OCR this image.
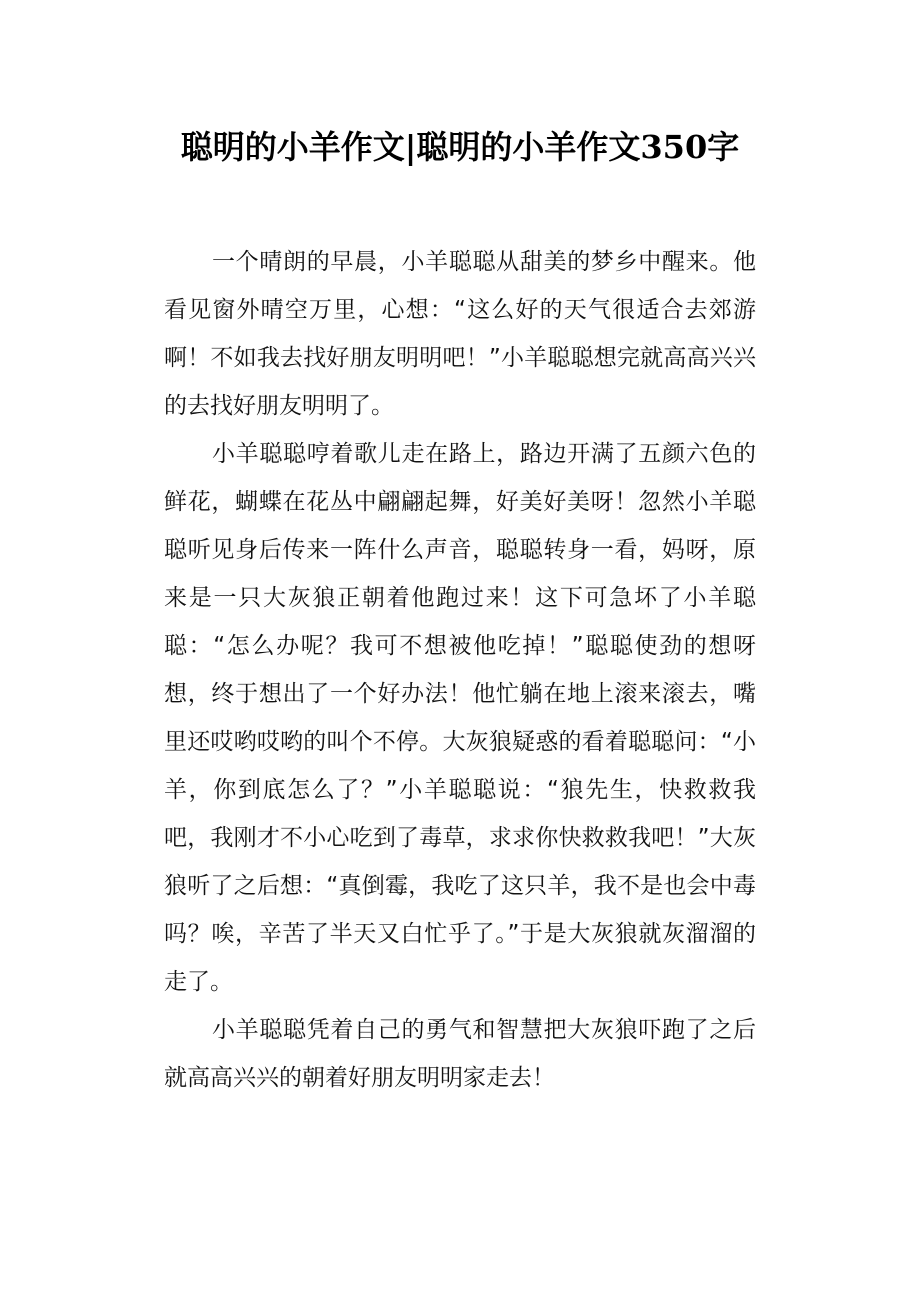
聪明的小羊作文|聪明的小羊作文350字

一个晴朗的早晨，小羊聪聪从甜美的梦乡中醒来。他看见窗外晴空万里，心想：“这么好的天气很适合去郊游啊！不如我去找好朋友明明吧！”小羊聪聪想完就高高兴兴的去找好朋友明明了。

小羊聪聪哼着歌儿走在路上，路边开满了五颜六色的鲜花，蝴蝶在花丛中翩翩起舞，好美好美呀！忽然小羊聪聪听见身后传来一阵什么声音，聪聪转身一看，妈呀，原来是一只大灰狼正朝着他跑过来！这下可急坏了小羊聪聪：“怎么办呢？我可不想被他吃掉！”聪聪使劲的想呀想，终于想出了一个好办法！他忙躺在地上滚来滚去，嘴里还哎哟哎哟的叫个不停。大灰狼疑惑的看着聪聪问：“小羊，你到底怎么了？”小羊聪聪说：“狼先生，快救救我吧，我刚才不小心吃到了毒草，求求你快救救我吧！”大灰狼听了之后想：“真倒霉，我吃了这只羊，我不是也会中毒吗？唉，辛苦了半天又白忙乎了。”于是大灰狼就灰溜溜的走了。

小羊聪聪凭着自己的勇气和智慧把大灰狼吓跑了之后就高高兴兴的朝着好朋友明明家走去！
